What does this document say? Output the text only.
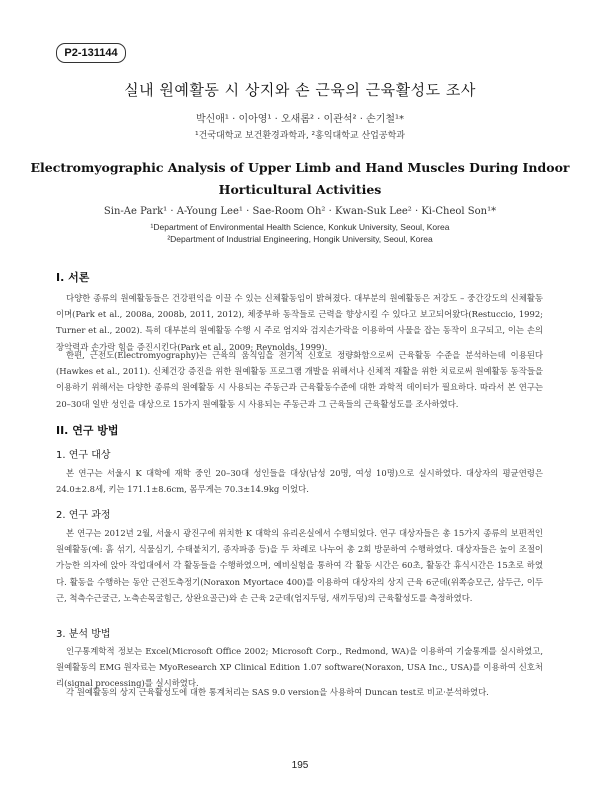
P2-131144
실내 원예활동 시 상지와 손 근육의 근육활성도 조사
박신애¹ · 이아영¹ · 오새롬² · 이관석² · 손기철¹*
¹건국대학교 보건환경과학과, ²홍익대학교 산업공학과
Electromyographic Analysis of Upper Limb and Hand Muscles During Indoor
Horticultural Activities
Sin-Ae Park¹ · A-Young Lee¹ · Sae-Room Oh² · Kwan-Suk Lee² · Ki-Cheol Son¹*
¹Department of Environmental Health Science, Konkuk University, Seoul, Korea
²Department of Industrial Engineering, Hongik University, Seoul, Korea
I. 서론
다양한 종류의 원예활동들은 건강편익을 이끌 수 있는 신체활동임이 밝혀졌다. 대부분의 원예활동은 저강도 – 중간강도의 신체활동이며(Park et al., 2008a, 2008b, 2011, 2012), 체중부하 동작들로 근력을 향상시킬 수 있다고 보고되어왔다(Restuccio, 1992; Turner et al., 2002). 특히 대부분의 원예활동 수행 시 주로 엄지와 검지손가락을 이용하여 사물을 잡는 동작이 요구되고, 이는 손의 장악력과 손가락 힘을 증진시킨다(Park et al., 2009; Reynolds, 1999).
한편, 근전도(Electromyography)는 근육의 움직임을 전기적 신호로 정량화함으로써 근육활동 수준을 분석하는데 이용된다(Hawkes et al., 2011). 신체건강 증진을 위한 원예활동 프로그램 개발을 위해서나 신체적 재활을 위한 치료로써 원예활동 동작들을 이용하기 위해서는 다양한 종류의 원예활동 시 사용되는 주동근과 근육활동수준에 대한 과학적 데이터가 필요하다. 따라서 본 연구는 20–30대 일반 성인을 대상으로 15가지 원예활동 시 사용되는 주동근과 그 근육들의 근육활성도를 조사하였다.
II. 연구 방법
1. 연구 대상
본 연구는 서울시 K 대학에 재학 중인 20–30대 성인들을 대상(남성 20명, 여성 10명)으로 실시하였다. 대상자의 평균연령은 24.0±2.8세, 키는 171.1±8.6cm, 몸무게는 70.3±14.9kg 이었다.
2. 연구 과정
본 연구는 2012년 2월, 서울시 광진구에 위치한 K 대학의 유리온실에서 수행되었다. 연구 대상자들은 총 15가지 종류의 보편적인 원예활동(예: 흙 섞기, 식물심기, 수태붙치기, 종자파종 등)을 두 차례로 나누어 총 2회 방문하여 수행하였다. 대상자들은 높이 조절이 가능한 의자에 앉아 작업대에서 각 활동들을 수행하였으며, 예비실험을 통하여 각 활동 시간은 60초, 활동간 휴식시간은 15초로 하였다. 활동을 수행하는 동안 근전도측정기(Noraxon Myortace 400)를 이용하여 대상자의 상지 근육 6군데(위쪽승모근, 삼두근, 이두근, 척측수근굴근, 노측손목굴힘근, 상완요골근)와 손 근육 2군데(엄지두덩, 새끼두덩)의 근육활성도를 측정하였다.
3. 분석 방법
인구통계학적 정보는 Excel(Microsoft Office 2002; Microsoft Corp., Redmond, WA)을 이용하여 기술통계를 실시하였고, 원예활동의 EMG 원자료는 MyoResearch XP Clinical Edition 1.07 software(Noraxon, USA Inc., USA)를 이용하여 신호처리(signal processing)를 실시하였다.
각 원예활동의 상지 근육활성도에 대한 통계처리는 SAS 9.0 version을 사용하여 Duncan test로 비교·분석하였다.
195
